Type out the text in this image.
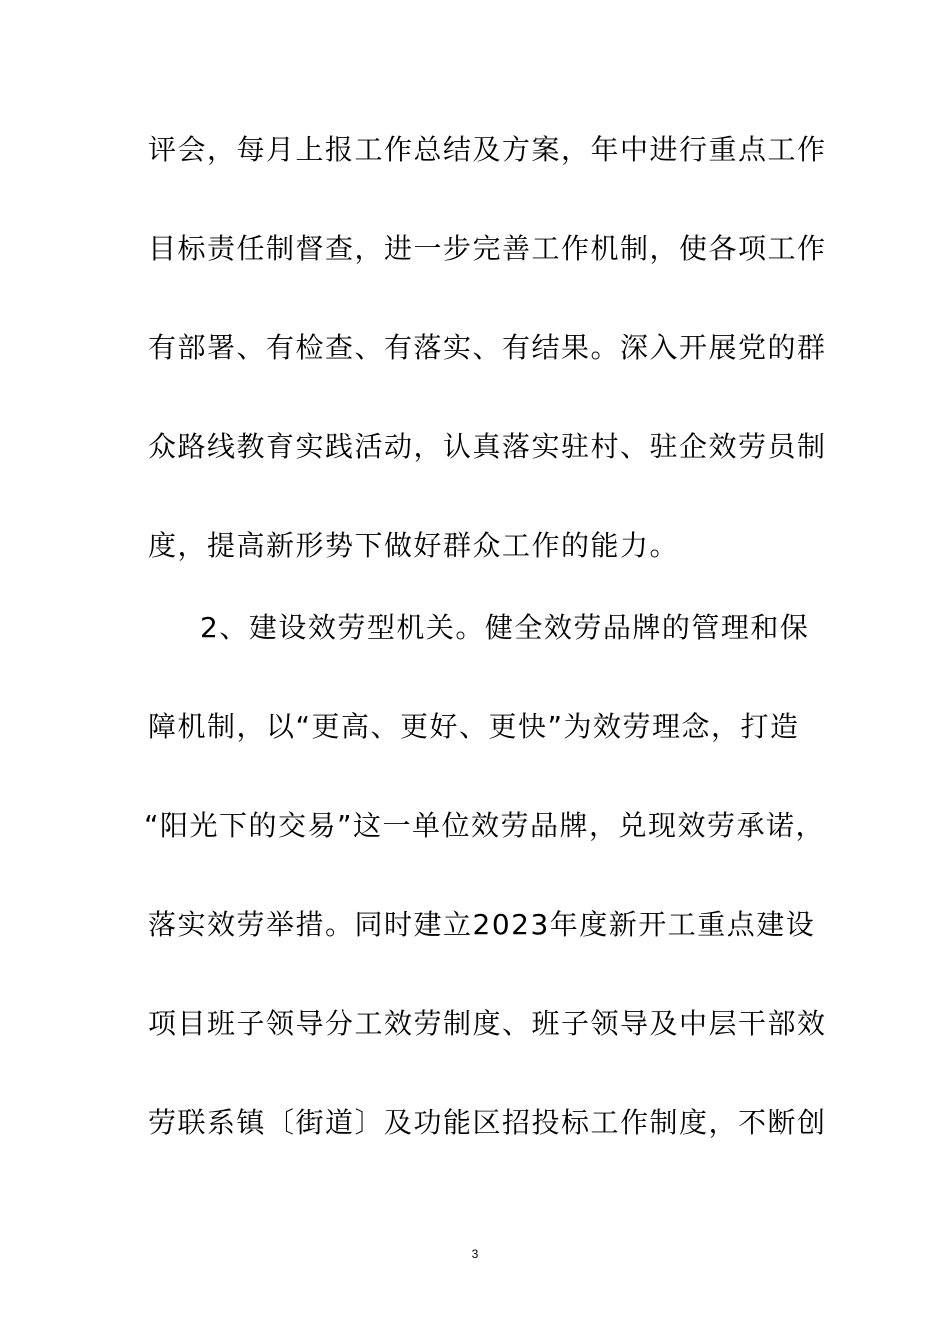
评会，每月上报工作总结及方案，年中进行重点工作
目标责任制督查，进一步完善工作机制，使各项工作
有部署、有检查、有落实、有结果。深入开展党的群
众路线教育实践活动，认真落实驻村、驻企效劳员制
度，提高新形势下做好群众工作的能力。
2、建设效劳型机关。健全效劳品牌的管理和保
障机制，以“更高、更好、更快”为效劳理念，打造
“阳光下的交易”这一单位效劳品牌，兑现效劳承诺，
落实效劳举措。同时建立2023年度新开工重点建设
项目班子领导分工效劳制度、班子领导及中层干部效
劳联系镇〔街道〕及功能区招投标工作制度，不断创
3
